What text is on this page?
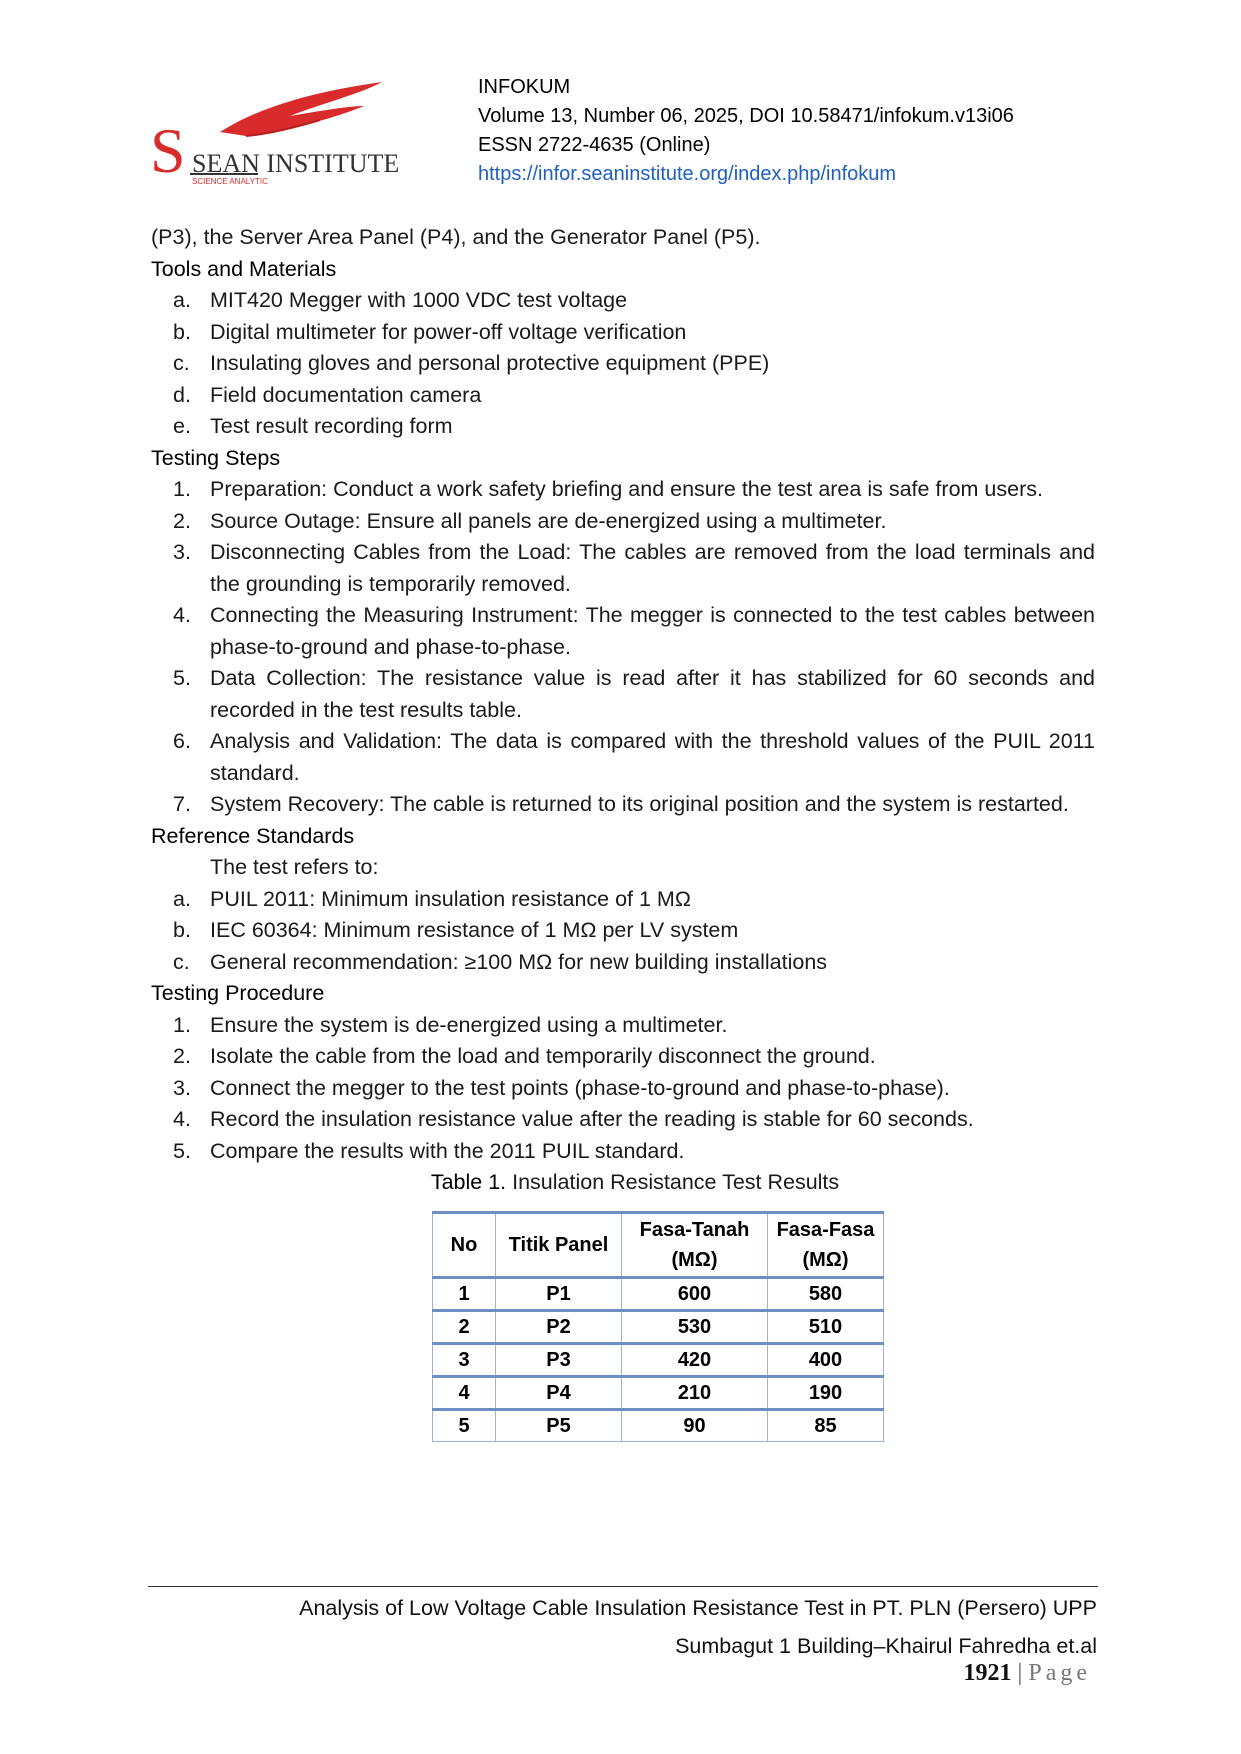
S SEAN INSTITUTE
SCIENCE ANALYTIC
INFOKUM
Volume 13, Number 06, 2025, DOI 10.58471/infokum.v13i06
ESSN 2722-4635 (Online)
https://infor.seaninstitute.org/index.php/infokum

(P3), the Server Area Panel (P4), and the Generator Panel (P5).

Tools and Materials

a. MIT420 Megger with 1000 VDC test voltage
b. Digital multimeter for power-off voltage verification
c. Insulating gloves and personal protective equipment (PPE)
d. Field documentation camera
e. Test result recording form

Testing Steps

1. Preparation: Conduct a work safety briefing and ensure the test area is safe from users.
2. Source Outage: Ensure all panels are de-energized using a multimeter.
3. Disconnecting Cables from the Load: The cables are removed from the load terminals and the grounding is temporarily removed.
4. Connecting the Measuring Instrument: The megger is connected to the test cables between phase-to-ground and phase-to-phase.
5. Data Collection: The resistance value is read after it has stabilized for 60 seconds and recorded in the test results table.
6. Analysis and Validation: The data is compared with the threshold values of the PUIL 2011 standard.
7. System Recovery: The cable is returned to its original position and the system is restarted.

Reference Standards

The test refers to:

a. PUIL 2011: Minimum insulation resistance of 1 MΩ
b. IEC 60364: Minimum resistance of 1 MΩ per LV system
c. General recommendation: ≥100 MΩ for new building installations

Testing Procedure

1. Ensure the system is de-energized using a multimeter.
2. Isolate the cable from the load and temporarily disconnect the ground.
3. Connect the megger to the test points (phase-to-ground and phase-to-phase).
4. Record the insulation resistance value after the reading is stable for 60 seconds.
5. Compare the results with the 2011 PUIL standard.

Table 1. Insulation Resistance Test Results

No	Titik Panel	Fasa-Tanah (MΩ)	Fasa-Fasa (MΩ)
1	P1	600	580
2	P2	530	510
3	P3	420	400
4	P4	210	190
5	P5	90	85
Analysis of Low Voltage Cable Insulation Resistance Test in PT. PLN (Persero) UPP
Sumbagut 1 Building–Khairul Fahredha et.al
1921 | Page
